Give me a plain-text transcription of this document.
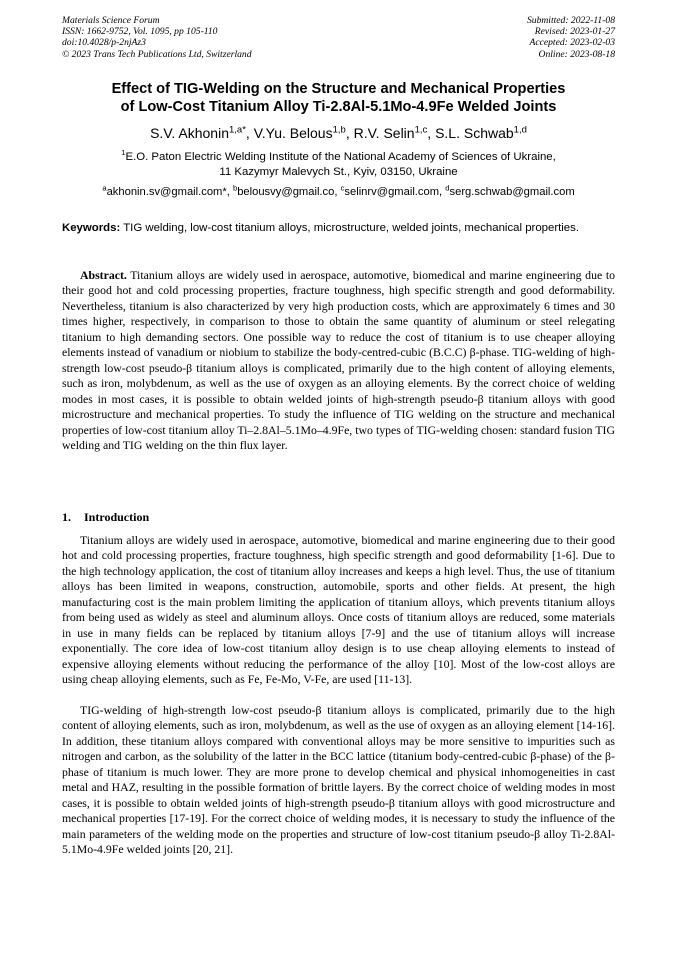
Materials Science Forum
ISSN: 1662-9752, Vol. 1095, pp 105-110
doi:10.4028/p-2njAz3
© 2023 Trans Tech Publications Ltd, Switzerland
Submitted: 2022-11-08
Revised: 2023-01-27
Accepted: 2023-02-03
Online: 2023-08-18
Effect of TIG-Welding on the Structure and Mechanical Properties
of Low-Cost Titanium Alloy Ti-2.8Al-5.1Mo-4.9Fe Welded Joints
S.V. Akhonin$^{1,a*}$, V.Yu. Belous$^{1,b}$, R.V. Selin$^{1,c}$, S.L. Schwab$^{1,d}$
$^1$E.O. Paton Electric Welding Institute of the National Academy of Sciences of Ukraine,
11 Kazymyr Malevych St., Kyiv, 03150, Ukraine
$^a$akhonin.sv@gmail.com*, $^b$belousvy@gmail.co, $^c$selinrv@gmail.com, $^d$serg.schwab@gmail.com
Keywords: TIG welding, low-cost titanium alloys, microstructure, welded joints, mechanical properties.

Abstract. Titanium alloys are widely used in aerospace, automotive, biomedical and marine engineering due to their good hot and cold processing properties, fracture toughness, high specific strength and good deformability. Nevertheless, titanium is also characterized by very high production costs, which are approximately 6 times and 30 times higher, respectively, in comparison to those to obtain the same quantity of aluminum or steel relegating titanium to high demanding sectors. One possible way to reduce the cost of titanium is to use cheaper alloying elements instead of vanadium or niobium to stabilize the body-centred-cubic (B.C.C) β-phase. TIG-welding of high-strength low-cost pseudo-β titanium alloys is complicated, primarily due to the high content of alloying elements, such as iron, molybdenum, as well as the use of oxygen as an alloying elements. By the correct choice of welding modes in most cases, it is possible to obtain welded joints of high-strength pseudo-β titanium alloys with good microstructure and mechanical properties. To study the influence of TIG welding on the structure and mechanical properties of low-cost titanium alloy Ti–2.8Al–5.1Mo–4.9Fe, two types of TIG-welding chosen: standard fusion TIG welding and TIG welding on the thin flux layer.

1. Introduction

Titanium alloys are widely used in aerospace, automotive, biomedical and marine engineering due to their good hot and cold processing properties, fracture toughness, high specific strength and good deformability [1-6]. Due to the high technology application, the cost of titanium alloy increases and keeps a high level. Thus, the use of titanium alloys has been limited in weapons, construction, automobile, sports and other fields. At present, the high manufacturing cost is the main problem limiting the application of titanium alloys, which prevents titanium alloys from being used as widely as steel and aluminum alloys. Once costs of titanium alloys are reduced, some materials in use in many fields can be replaced by titanium alloys [7-9] and the use of titanium alloys will increase exponentially. The core idea of low-cost titanium alloy design is to use cheap alloying elements to instead of expensive alloying elements without reducing the performance of the alloy [10]. Most of the low-cost alloys are using cheap alloying elements, such as Fe, Fe-Mo, V-Fe, are used [11-13].

TIG-welding of high-strength low-cost pseudo-β titanium alloys is complicated, primarily due to the high content of alloying elements, such as iron, molybdenum, as well as the use of oxygen as an alloying element [14-16]. In addition, these titanium alloys compared with conventional alloys may be more sensitive to impurities such as nitrogen and carbon, as the solubility of the latter in the BCC lattice (titanium body-centred-cubic β-phase) of the β-phase of titanium is much lower. They are more prone to develop chemical and physical inhomogeneities in cast metal and HAZ, resulting in the possible formation of brittle layers. By the correct choice of welding modes in most cases, it is possible to obtain welded joints of high-strength pseudo-β titanium alloys with good microstructure and mechanical properties [17-19]. For the correct choice of welding modes, it is necessary to study the influence of the main parameters of the welding mode on the properties and structure of low-cost titanium pseudo-β alloy Ti-2.8Al-5.1Mo-4.9Fe welded joints [20, 21].
